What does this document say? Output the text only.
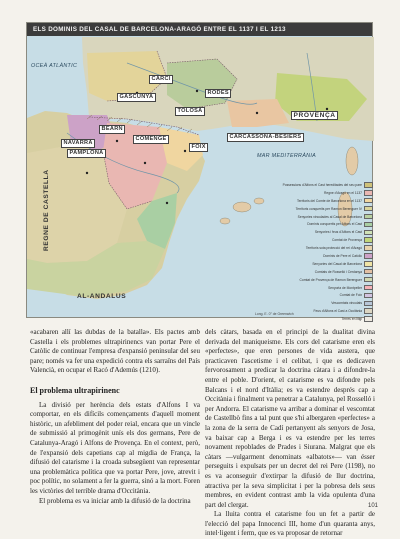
ELS DOMINIS DEL CASAL DE BARCELONA-ARAGÓ ENTRE EL 1137 I EL 1213
CARCI
GASCUNYA
RODES
BEARN
TOLOSA
PROVENÇA
CARCASSONA-BESIERS
FOIX
COMENGE
NAVARRA
PAMPLONA
REGNE DE CASTELLA
AL-ANDALUS
OCEÀ ATLÀNTIC
MAR MEDITERRÀNIA
Possessions d'Alfons el Cast hereditades del seu pare
Regne d'Aragó en el 1137
Territoris del Comte de Barcelona en el 1137
Territoris conquerits per Ramon Berenguer IV
Senyories vinculades al Casal de Barcelona
Dominis conquerits per Alfons el Cast
Senyories i feus d'Alfons el Cast
Comtat de Provença
Territoris sota protecció del rei d'Aragó
Dominis de Pere el Catòlic
Senyories del Casal de Barcelona
Comtats de Rosselló i Cerdanya
Comtat de Provença de Ramon Berenguer
Senyoria de Montpeller
Comtat de Foix
Vescomtats vinculats
Feus d'Alfons el Cast a Occitània
Terres en litigi
Long. E. 0° de Greenwich

«acabaren allí las dubdas de la batalla». Els pactes amb Castella i els problemes ultrapirinencs van portar Pere el Catòlic de continuar l'empresa d'expansió peninsular del seu pare; només va fer una expedició contra els sarraïns del País Valencià, en ocupar el Racó d'Ademús (1210).

El problema ultrapirinenc

La divisió per herència dels estats d'Alfons I va comportar, en els difícils començaments d'aquell moment històric, un afebliment del poder reial, encara que un vincle de submissió al primogènit unís els dos germans, Pere de Catalunya-Aragó i Alfons de Provença. En el context, però, de l'expansió dels capetians cap al migdia de França, la difusió del catarisme i la croada subsegüent van representar una problemàtica política que va portar Pere, jove, atrevit i poc polític, no solament a fer la guerra, sinó a la mort. Foren les victòries del terrible drama d'Occitània.

El problema es va iniciar amb la difusió de la doctrina

dels càtars, basada en el principi de la dualitat divina derivada del maniqueisme. Els cors del catarisme eren els «perfectes», que eren persones de vida austera, que practicaven l'ascetisme i el celibat, i que es dedicaven fervorosament a predicar la doctrina càtara i a difondre-la entre el poble. D'orient, el catarisme es va difondre pels Balcans i el nord d'Itàlia; es va estendre després cap a Occitània i finalment va penetrar a Catalunya, pel Rosselló i per Andorra. El catarisme va arribar a dominar el vescomtat de Castellbò fins a tal punt que s'hi albergaren «perfectes» a la zona de la serra de Cadí pertanyent als senyors de Josa, va baixar cap a Berga i es va estendre per les terres novament repoblades de Prades i Siurana. Malgrat que els càtars —vulgarment denominats «albatots»— van ésser perseguits i expulsats per un decret del rei Pere (1198), no es va aconseguir d'extirpar la difusió de llur doctrina, atractiva per la seva simplicitat i per la pobresa dels seus membres, en evident contrast amb la vida opulenta d'una part del clergat.

La lluita contra el catarisme fou un fet a partir de l'elecció del papa Innocenci III, home d'un quaranta anys, intel·ligent i ferm, que es va proposar de retornar

101
